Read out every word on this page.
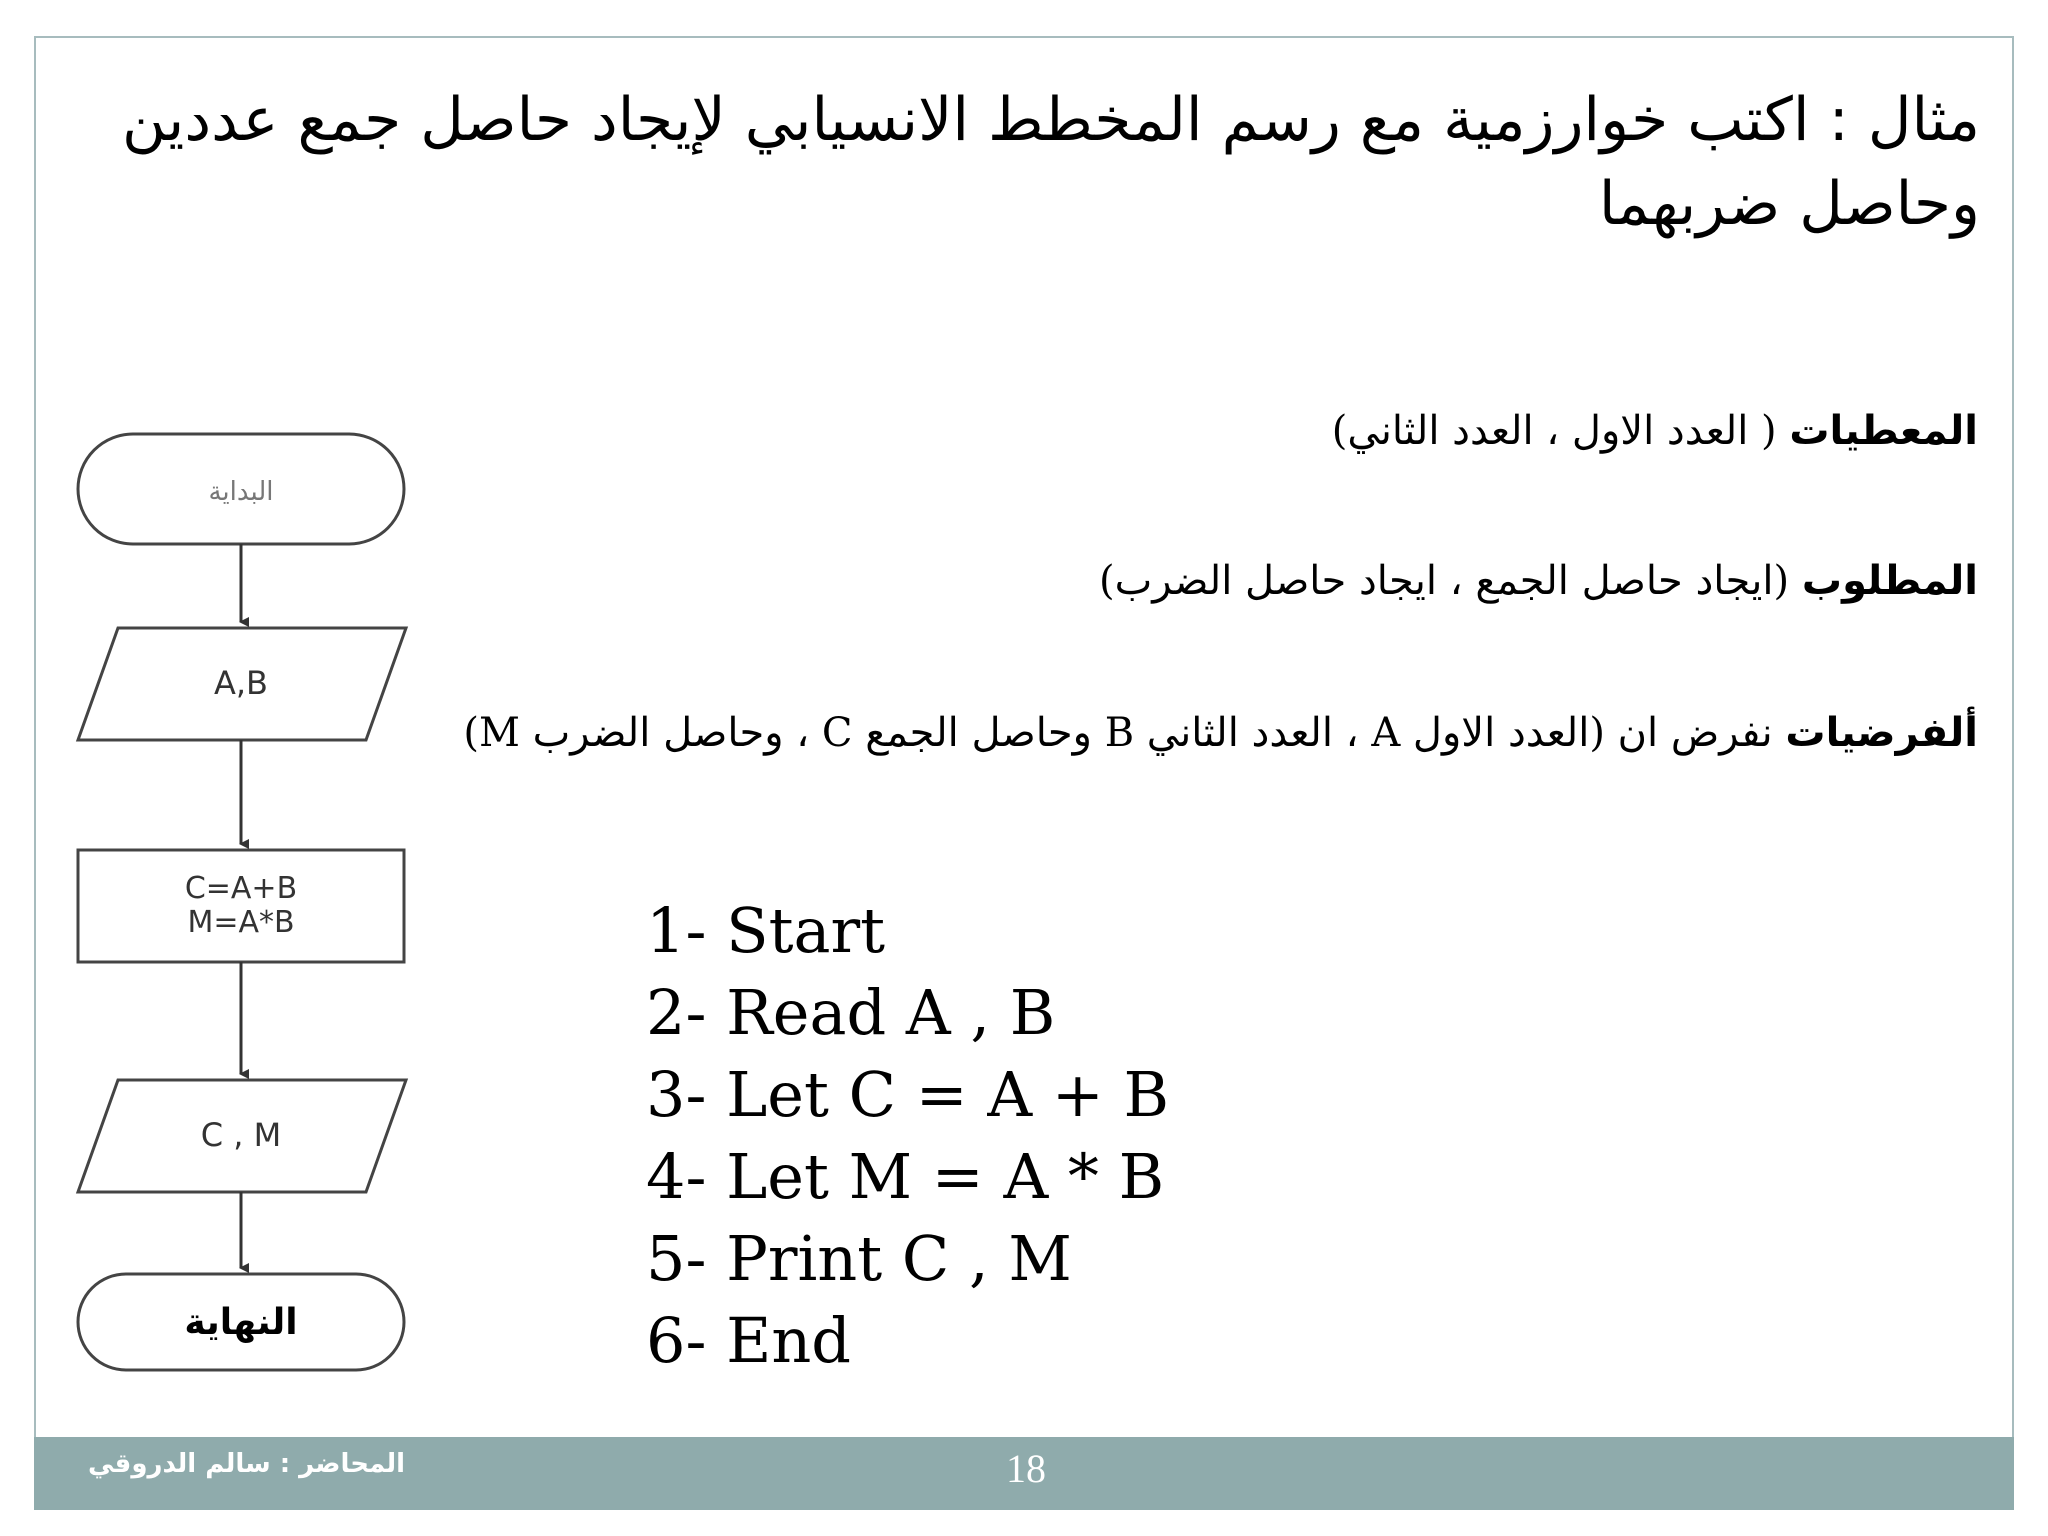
مثال : اكتب خوارزمية مع رسم المخطط الانسيابي لإيجاد حاصل جمع عددين
وحاصل ضربهما
المعطيات ( العدد الاول ، العدد الثاني)
المطلوب (ايجاد حاصل الجمع ، ايجاد حاصل الضرب)
ألفرضيات نفرض ان (العدد الاول A ، العدد الثاني B وحاصل الجمع C ، وحاصل الضرب M)
1- Start
2- Read A , B
3- Let C = A + B
4- Let M = A * B
5- Print C , M
6- End
البداية
A,B
C=A+B
M=A*B
C , M
النهاية
المحاضر : سالم الدروقي	18
